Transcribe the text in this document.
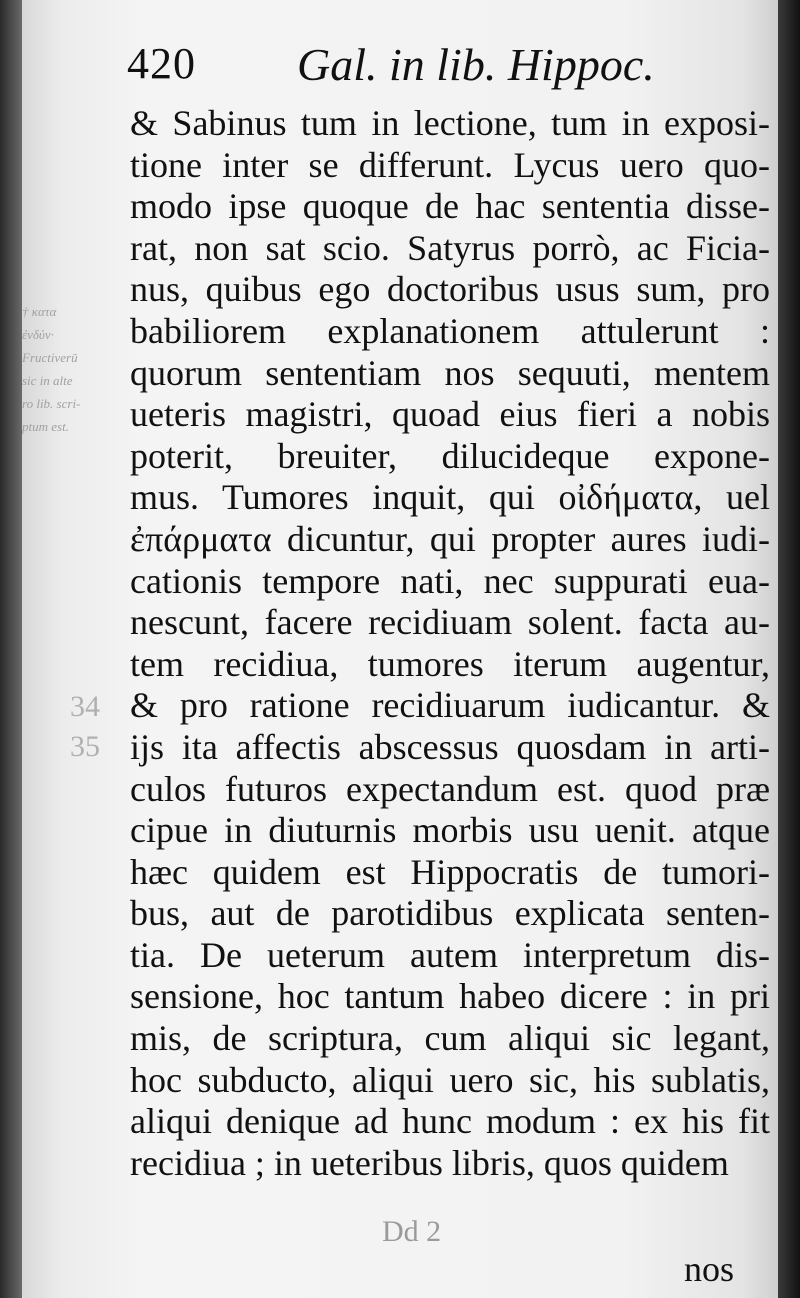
† κατα
ἐνδύν·
Fructiverū
sic in alte
ro lib. scri-
ptum est.
34
35
420 Gal. in lib. Hippoc.
& Sabinus tum in lectione, tum in exposi-
tione inter se differunt. Lycus uero quo-
modo ipse quoque de hac sententia disse-
rat, non sat scio. Satyrus porrò, ac Ficia-
nus, quibus ego doctoribus usus sum, pro
babiliorem explanationem attulerunt :
quorum sententiam nos sequuti, mentem
ueteris magistri, quoad eius fieri a nobis
poterit, breuiter, dilucideque expone-
mus. Tumores inquit, qui οἰδήματα, uel
ἐπάρματα dicuntur, qui propter aures iudi-
cationis tempore nati, nec suppurati eua-
nescunt, facere recidiuam solent. facta au-
tem recidiua, tumores iterum augentur,
& pro ratione recidiuarum iudicantur. &
ijs ita affectis abscessus quosdam in arti-
culos futuros expectandum est. quod præ
cipue in diuturnis morbis usu uenit. atque
hæc quidem est Hippocratis de tumori-
bus, aut de parotidibus explicata senten-
tia. De ueterum autem interpretum dis-
sensione, hoc tantum habeo dicere : in pri
mis, de scriptura, cum aliqui sic legant,
hoc subducto, aliqui uero sic, his sublatis,
aliqui denique ad hunc modum : ex his fit
recidiua ; in ueteribus libris, quos quidem
Dd 2
nos
